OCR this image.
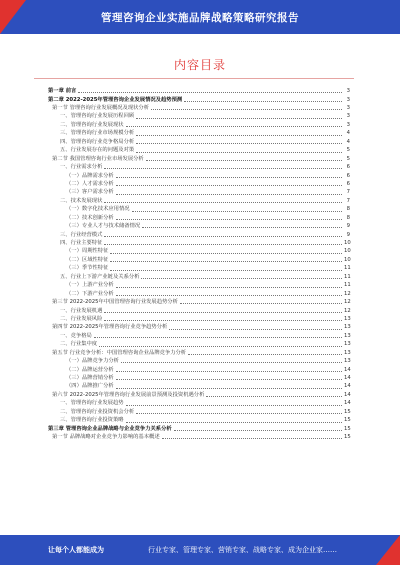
管理咨询企业实施品牌战略策略研究报告
内容目录
第一章 前言	3
第二章 2022-2025年管理咨询企业发展情况及趋势预测	3
第一节 管理咨询行业发展概况及现状分析	3
一、管理咨询行业发展历程回顾	3
二、管理咨询行业发展现状	3
三、管理咨询行业市场规模分析	4
四、管理咨询行业竞争格局分析	4
五、行业发展存在的问题及对策	5
第二节 我国管理咨询行业市场发展分析	5
一、行业需求分析	6
（一）品牌需求分析	6
（二）人才需求分析	6
（三）客户需求分析	7
二、技术发展现状	7
（一）数字化技术应用情况	8
（二）技术创新分析	8
（三）专业人才与技术储备情况	9
三、行业经营模式	9
四、行业主要特征	10
（一）周期性特征	10
（二）区域性特征	10
（三）季节性特征	11
五、行业上下游产业链及关系分析	11
（一）上游产业分析	11
（二）下游产业分析	12
第三节 2022-2025年中国管理咨询行业发展趋势分析	12
一、行业发展机遇	12
二、行业发展风险	13
第四节 2022-2025年管理咨询行业竞争趋势分析	13
一、竞争格局	13
二、行业集中度	13
第五节 行业竞争分析：中国管理咨询企业品牌竞争力分析	13
（一）品牌竞争力分析	13
（二）品牌运营分析	14
（三）品牌营销分析	14
（四）品牌推广分析	14
第六节 2022-2025年管理咨询行业发展前景预测及投资机遇分析	14
一、管理咨询行业发展趋势	14
二、管理咨询行业投资机会分析	15
三、管理咨询行业投资策略	15
第三章 管理咨询企业品牌战略与企业竞争力关系分析	15
第一节 品牌战略对企业竞争力影响的基本概述	15
让每个人都能成为	行业专家、管理专家、营销专家、战略专家、成为企业家……
